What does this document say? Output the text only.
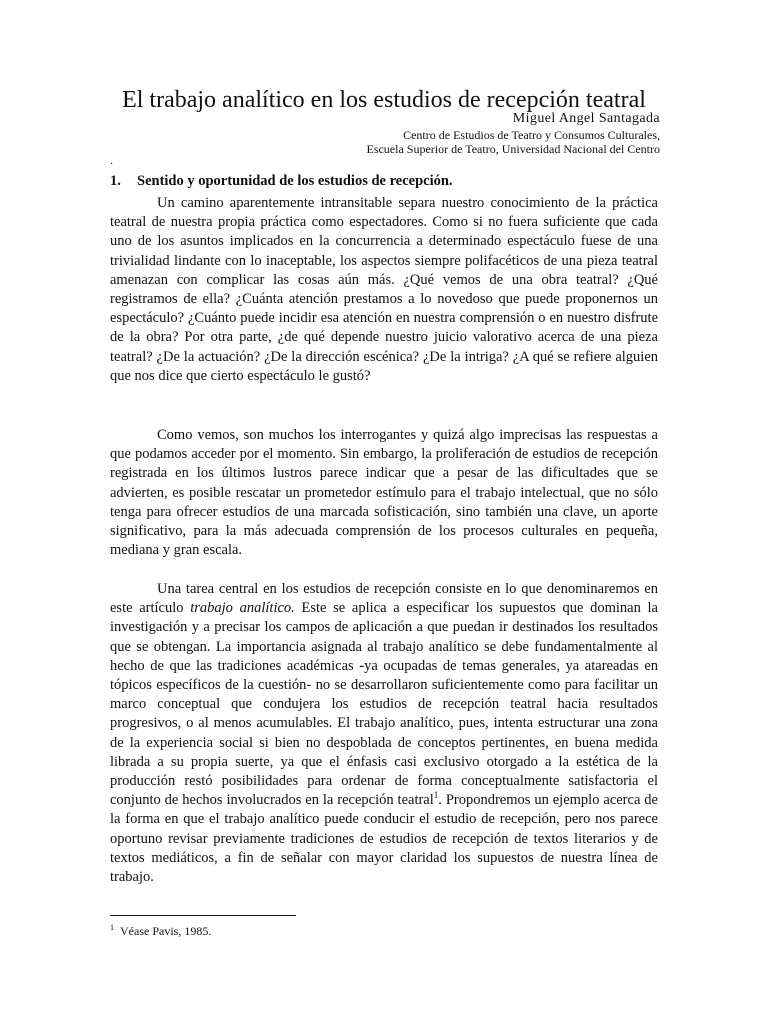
El trabajo analítico en los estudios de recepción teatral
Miguel Angel Santagada
Centro de Estudios de Teatro y Consumos Culturales,
Escuela Superior de Teatro, Universidad Nacional del Centro
.
1. Sentido y oportunidad de los estudios de recepción.

Un camino aparentemente intransitable separa nuestro conocimiento de la práctica teatral de nuestra propia práctica como espectadores. Como si no fuera suficiente que cada uno de los asuntos implicados en la concurrencia a determinado espectáculo fuese de una trivialidad lindante con lo inaceptable, los aspectos siempre polifacéticos de una pieza teatral amenazan con complicar las cosas aún más. ¿Qué vemos de una obra teatral? ¿Qué registramos de ella? ¿Cuánta atención prestamos a lo novedoso que puede proponernos un espectáculo? ¿Cuánto puede incidir esa atención en nuestra comprensión o en nuestro disfrute de la obra? Por otra parte, ¿de qué depende nuestro juicio valorativo acerca de una pieza teatral? ¿De la actuación? ¿De la dirección escénica? ¿De la intriga? ¿A qué se refiere alguien que nos dice que cierto espectáculo le gustó?

Como vemos, son muchos los interrogantes y quizá algo imprecisas las respuestas a que podamos acceder por el momento. Sin embargo, la proliferación de estudios de recepción registrada en los últimos lustros parece indicar que a pesar de las dificultades que se advierten, es posible rescatar un prometedor estímulo para el trabajo intelectual, que no sólo tenga para ofrecer estudios de una marcada sofisticación, sino también una clave, un aporte significativo, para la más adecuada comprensión de los procesos culturales en pequeña, mediana y gran escala.

Una tarea central en los estudios de recepción consiste en lo que denominaremos en este artículo trabajo analítico. Este se aplica a especificar los supuestos que dominan la investigación y a precisar los campos de aplicación a que puedan ir destinados los resultados que se obtengan. La importancia asignada al trabajo analítico se debe fundamentalmente al hecho de que las tradiciones académicas -ya ocupadas de temas generales, ya atareadas en tópicos específicos de la cuestión- no se desarrollaron suficientemente como para facilitar un marco conceptual que condujera los estudios de recepción teatral hacia resultados progresivos, o al menos acumulables. El trabajo analítico, pues, intenta estructurar una zona de la experiencia social si bien no despoblada de conceptos pertinentes, en buena medida librada a su propia suerte, ya que el énfasis casi exclusivo otorgado a la estética de la producción restó posibilidades para ordenar de forma conceptualmente satisfactoria el conjunto de hechos involucrados en la recepción teatral$^1$. Propondremos un ejemplo acerca de la forma en que el trabajo analítico puede conducir el estudio de recepción, pero nos parece oportuno revisar previamente tradiciones de estudios de recepción de textos literarios y de textos mediáticos, a fin de señalar con mayor claridad los supuestos de nuestra línea de trabajo.

$^1$ Véase Pavis, 1985.
